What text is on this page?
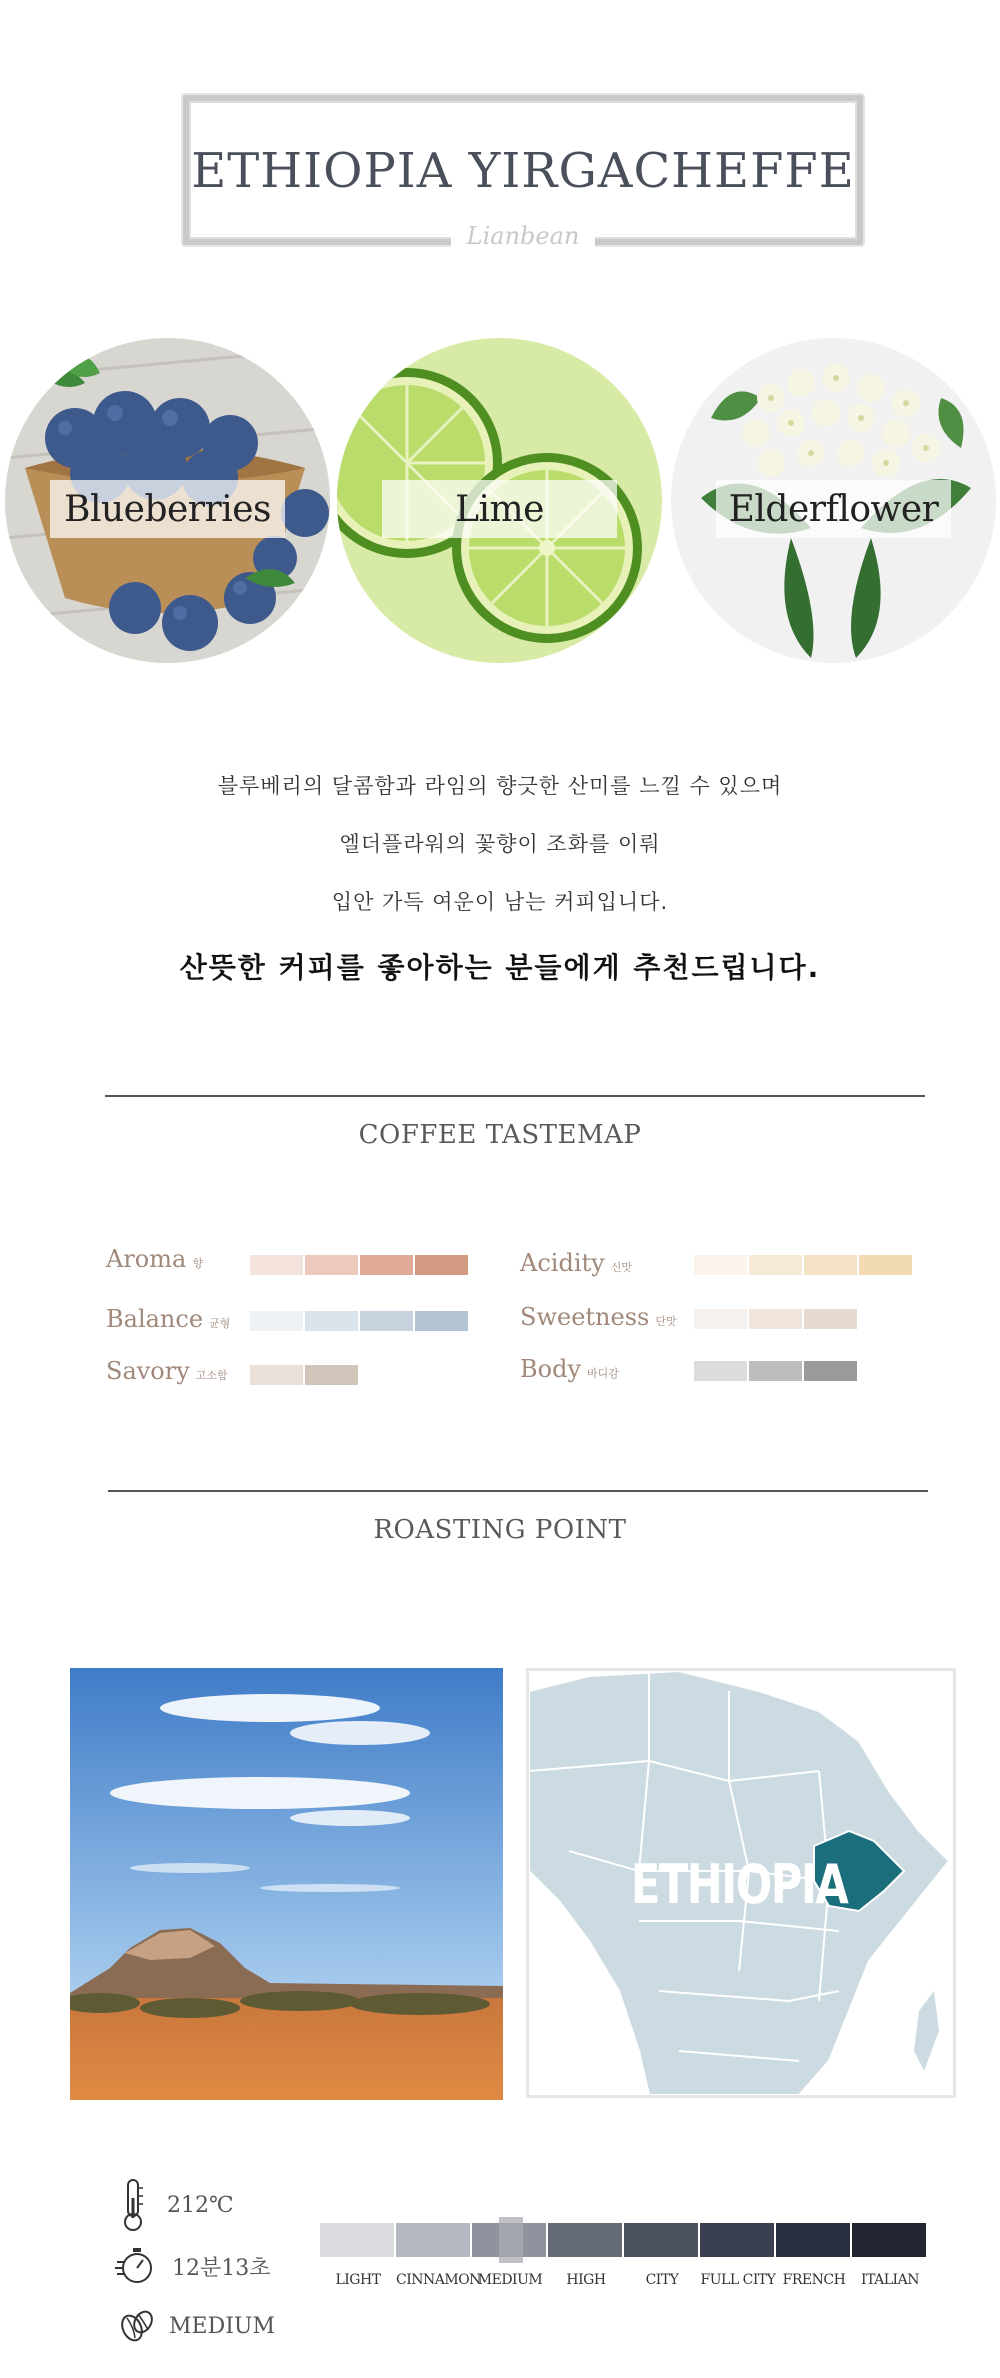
ETHIOPIA YIRGACHEFFE
Lianbean
Blueberries	Lime	Elderflower
블루베리의 달콤함과 라임의 향긋한 산미를 느낄 수 있으며
엘더플라워의 꽃향이 조화를 이뤄
입안 가득 여운이 남는 커피입니다.
산뜻한 커피를 좋아하는 분들에게 추천드립니다.
COFFEE TASTEMAP
Aroma 향	Acidity 신맛
Balance 균형	Sweetness 단맛
Savory 고소함	Body 바디감
ROASTING POINT
ETHIOPIA
212℃
12분13초
MEDIUM
LIGHT	CINNAMON
MEDIUM	HIGH	CITY	FULL CITY FRENCH	ITALIAN
